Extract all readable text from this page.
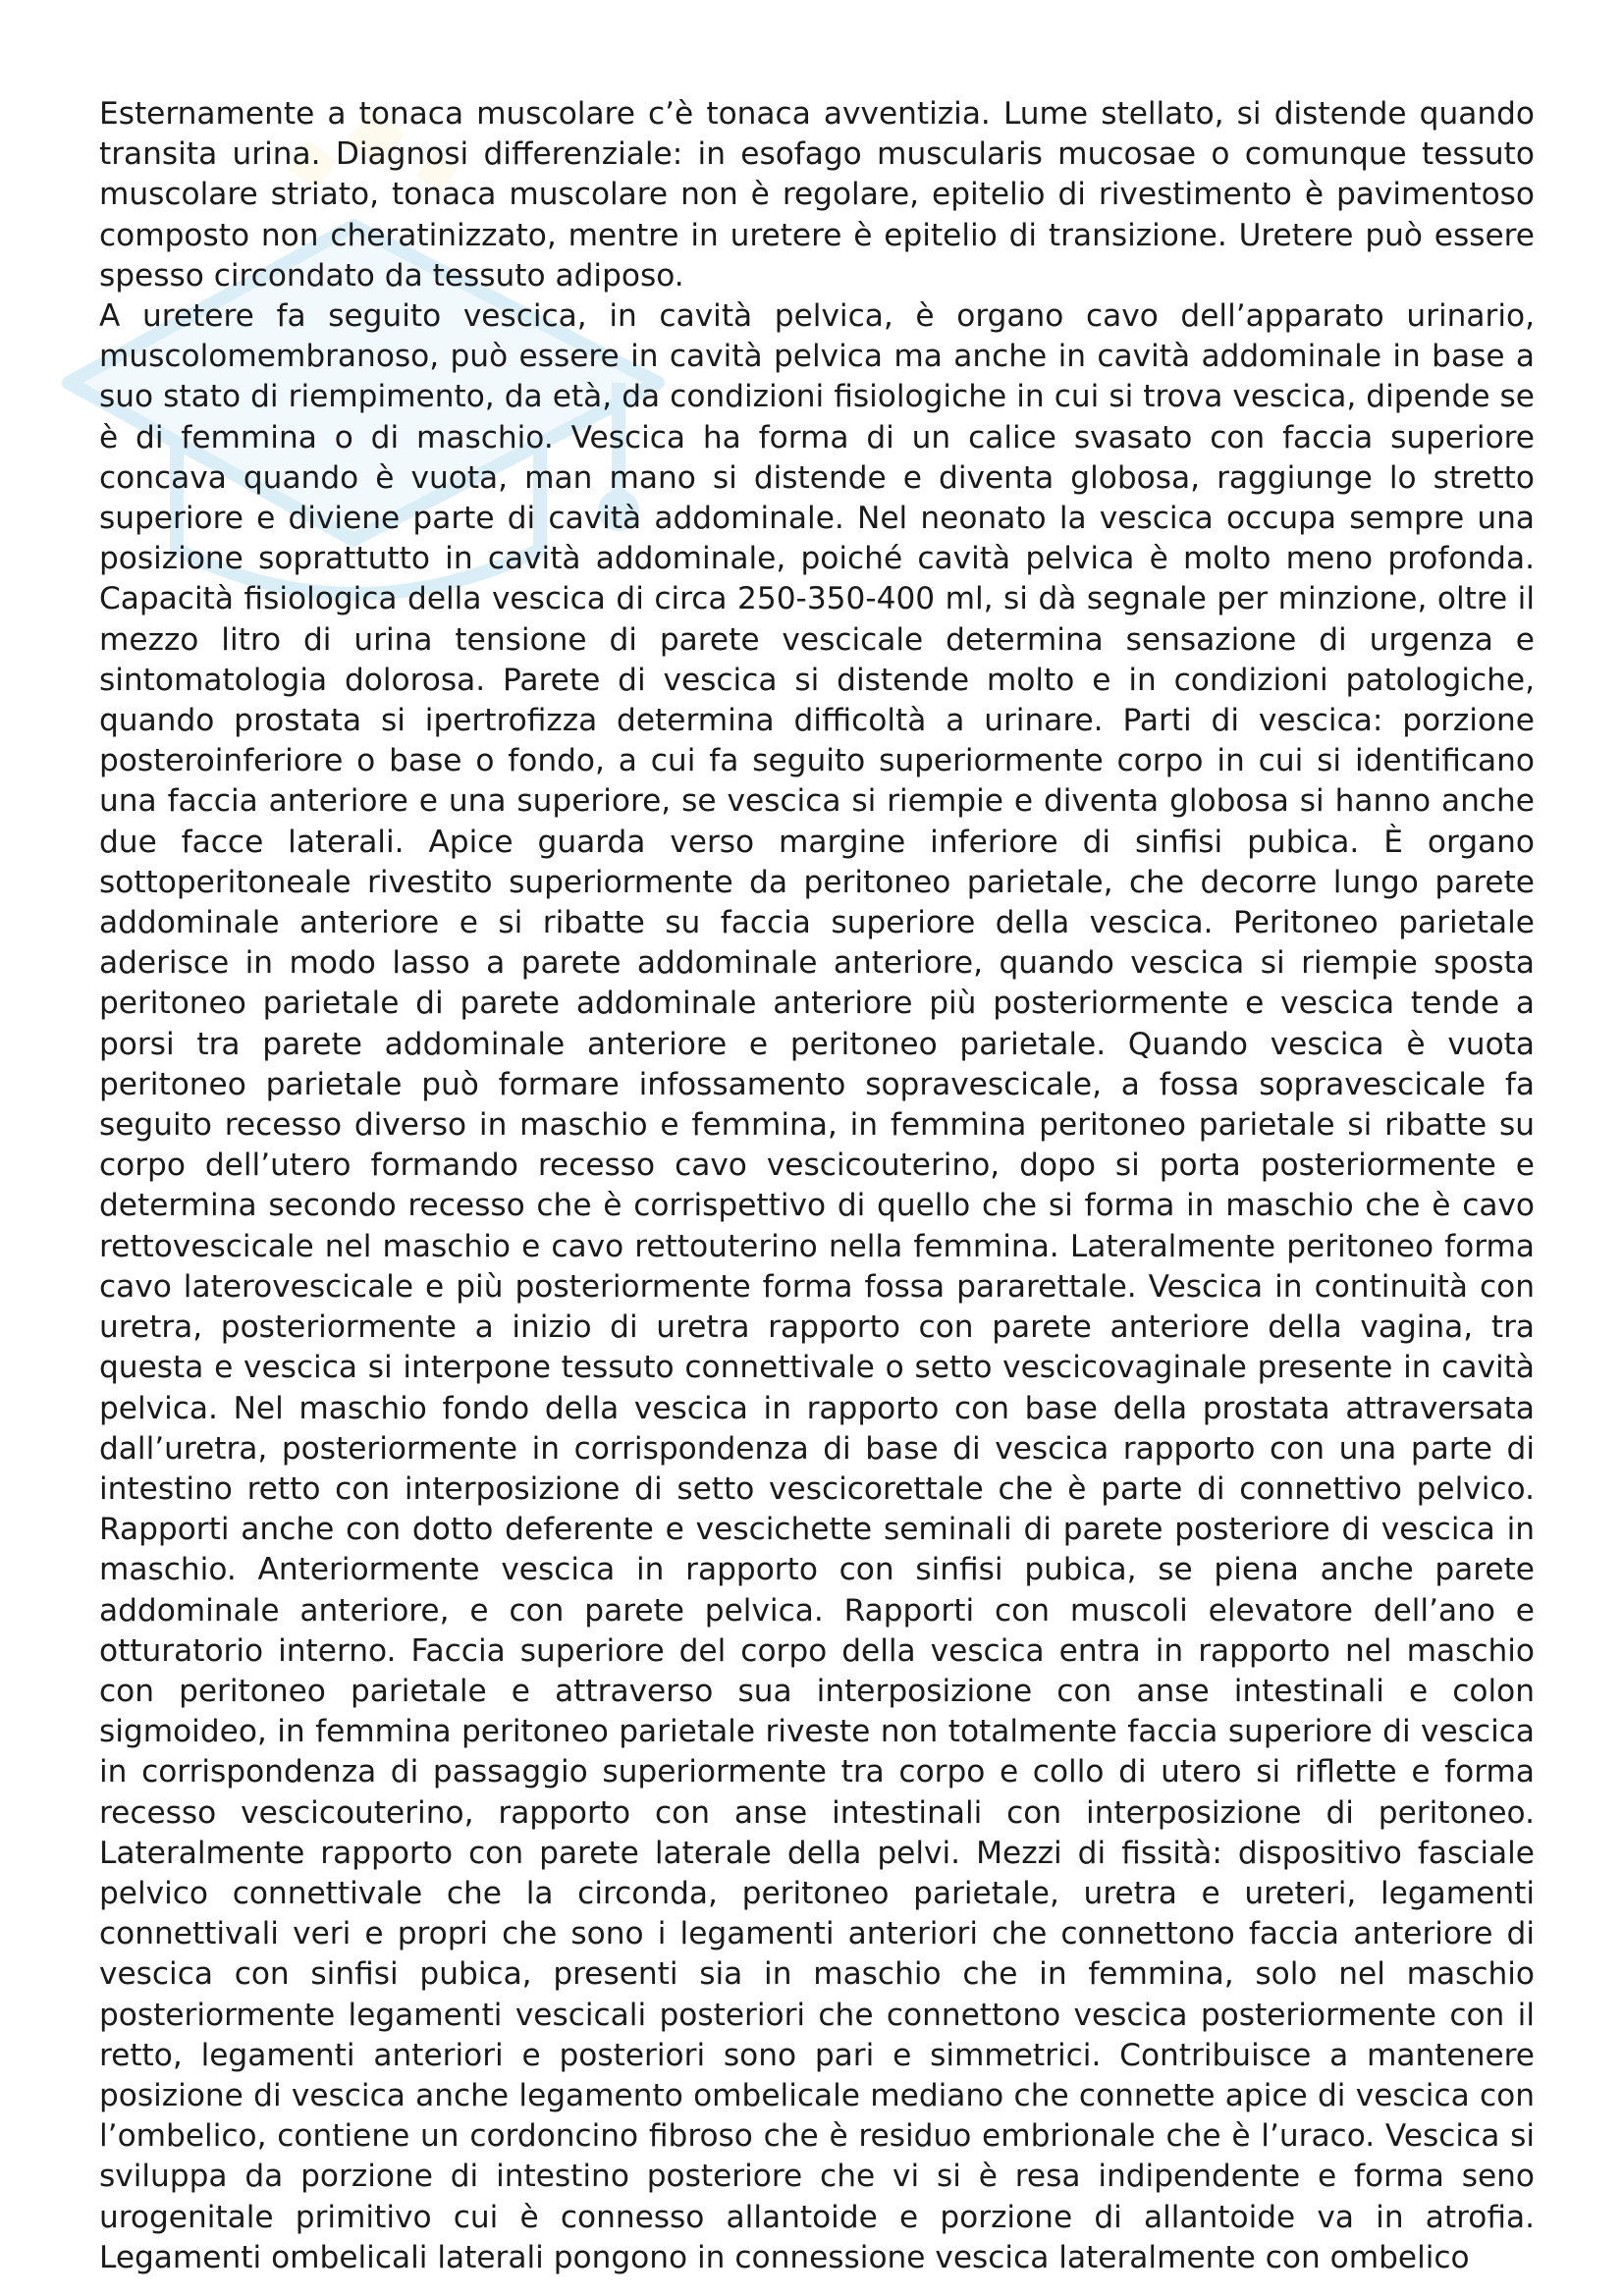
Esternamente a tonaca muscolare c’è tonaca avventizia. Lume stellato, si distende quando transita urina. Diagnosi differenziale: in esofago muscularis mucosae o comunque tessuto muscolare striato, tonaca muscolare non è regolare, epitelio di rivestimento è pavimentoso composto non cheratinizzato, mentre in uretere è epitelio di transizione. Uretere può essere spesso circondato da tessuto adiposo.

A uretere fa seguito vescica, in cavità pelvica, è organo cavo dell’apparato urinario, muscolomembranoso, può essere in cavità pelvica ma anche in cavità addominale in base a suo stato di riempimento, da età, da condizioni fisiologiche in cui si trova vescica, dipende se è di femmina o di maschio. Vescica ha forma di un calice svasato con faccia superiore concava quando è vuota, man mano si distende e diventa globosa, raggiunge lo stretto superiore e diviene parte di cavità addominale. Nel neonato la vescica occupa sempre una posizione soprattutto in cavità addominale, poiché cavità pelvica è molto meno profonda. Capacità fisiologica della vescica di circa 250-350-400 ml, si dà segnale per minzione, oltre il mezzo litro di urina tensione di parete vescicale determina sensazione di urgenza e sintomatologia dolorosa. Parete di vescica si distende molto e in condizioni patologiche, quando prostata si ipertrofizza determina difficoltà a urinare. Parti di vescica: porzione posteroinferiore o base o fondo, a cui fa seguito superiormente corpo in cui si identificano una faccia anteriore e una superiore, se vescica si riempie e diventa globosa si hanno anche due facce laterali. Apice guarda verso margine inferiore di sinfisi pubica. È organo sottoperitoneale rivestito superiormente da peritoneo parietale, che decorre lungo parete addominale anteriore e si ribatte su faccia superiore della vescica. Peritoneo parietale aderisce in modo lasso a parete addominale anteriore, quando vescica si riempie sposta peritoneo parietale di parete addominale anteriore più posteriormente e vescica tende a porsi tra parete addominale anteriore e peritoneo parietale. Quando vescica è vuota peritoneo parietale può formare infossamento sopravescicale, a fossa sopravescicale fa seguito recesso diverso in maschio e femmina, in femmina peritoneo parietale si ribatte su corpo dell’utero formando recesso cavo vescicouterino, dopo si porta posteriormente e determina secondo recesso che è corrispettivo di quello che si forma in maschio che è cavo rettovescicale nel maschio e cavo rettouterino nella femmina. Lateralmente peritoneo forma cavo laterovescicale e più posteriormente forma fossa pararettale. Vescica in continuità con uretra, posteriormente a inizio di uretra rapporto con parete anteriore della vagina, tra questa e vescica si interpone tessuto connettivale o setto vescicovaginale presente in cavità pelvica. Nel maschio fondo della vescica in rapporto con base della prostata attraversata dall’uretra, posteriormente in corrispondenza di base di vescica rapporto con una parte di intestino retto con interposizione di setto vescicorettale che è parte di connettivo pelvico. Rapporti anche con dotto deferente e vescichette seminali di parete posteriore di vescica in maschio. Anteriormente vescica in rapporto con sinfisi pubica, se piena anche parete addominale anteriore, e con parete pelvica. Rapporti con muscoli elevatore dell’ano e otturatorio interno. Faccia superiore del corpo della vescica entra in rapporto nel maschio con peritoneo parietale e attraverso sua interposizione con anse intestinali e colon sigmoideo, in femmina peritoneo parietale riveste non totalmente faccia superiore di vescica in corrispondenza di passaggio superiormente tra corpo e collo di utero si riflette e forma recesso vescicouterino, rapporto con anse intestinali con interposizione di peritoneo. Lateralmente rapporto con parete laterale della pelvi. Mezzi di fissità: dispositivo fasciale pelvico connettivale che la circonda, peritoneo parietale, uretra e ureteri, legamenti connettivali veri e propri che sono i legamenti anteriori che connettono faccia anteriore di vescica con sinfisi pubica, presenti sia in maschio che in femmina, solo nel maschio posteriormente legamenti vescicali posteriori che connettono vescica posteriormente con il retto, legamenti anteriori e posteriori sono pari e simmetrici. Contribuisce a mantenere posizione di vescica anche legamento ombelicale mediano che connette apice di vescica con l’ombelico, contiene un cordoncino fibroso che è residuo embrionale che è l’uraco. Vescica si sviluppa da porzione di intestino posteriore che vi si è resa indipendente e forma seno urogenitale primitivo cui è connesso allantoide e porzione di allantoide va in atrofia. Legamenti ombelicali laterali pongono in connessione vescica lateralmente con ombelico
